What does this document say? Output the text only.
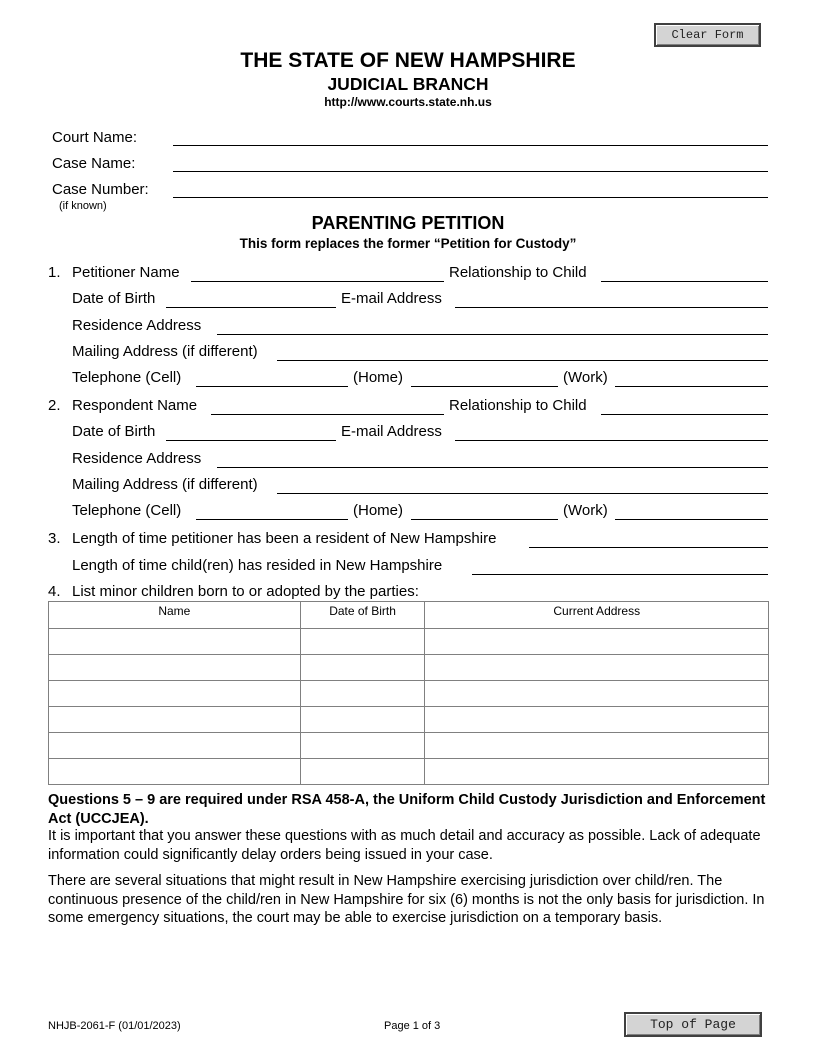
Clear Form
Top of Page
THE STATE OF NEW HAMPSHIRE
JUDICIAL BRANCH
http://www.courts.state.nh.us
Court Name:
Case Name:
Case Number:
(if known)
PARENTING PETITION
This form replaces the former “Petition for Custody”
1. Petitioner Name	Relationship to Child
Date of Birth	E-mail Address
Residence Address
Mailing Address (if different)
Telephone (Cell)	(Home)	(Work)
2. Respondent Name	Relationship to Child
Date of Birth	E-mail Address
Residence Address
Mailing Address (if different)
Telephone (Cell)	(Home)	(Work)
3. Length of time petitioner has been a resident of New Hampshire
Length of time child(ren) has resided in New Hampshire
4. List minor children born to or adopted by the parties:
Name	Date of Birth	Current Address

Questions 5 – 9 are required under RSA 458-A, the Uniform Child Custody Jurisdiction and Enforcement Act (UCCJEA).
It is important that you answer these questions with as much detail and accuracy as possible. Lack of adequate information could significantly delay orders being issued in your case.
There are several situations that might result in New Hampshire exercising jurisdiction over child/ren. The continuous presence of the child/ren in New Hampshire for six (6) months is not the only basis for jurisdiction. In some emergency situations, the court may be able to exercise jurisdiction on a temporary basis.
NHJB-2061-F (01/01/2023)	Page 1 of 3
